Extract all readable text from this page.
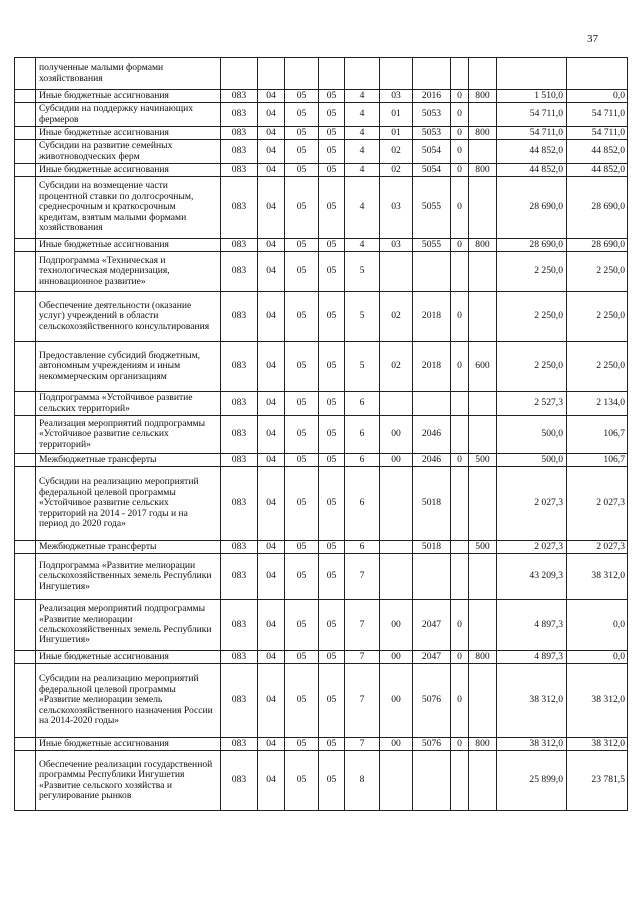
37
	полученные малыми формами хозяйствования											
	Иные бюджетные ассигнования	083	04	05	05	4	03	2016	0	800	1 510,0	0,0
	Субсидии на поддержку начинающих фермеров	083	04	05	05	4	01	5053	0		54 711,0	54 711,0
	Иные бюджетные ассигнования	083	04	05	05	4	01	5053	0	800	54 711,0	54 711,0
	Субсидии на развитие семейных животноводческих ферм	083	04	05	05	4	02	5054	0		44 852,0	44 852,0
	Иные бюджетные ассигнования	083	04	05	05	4	02	5054	0	800	44 852,0	44 852,0
	Субсидии на возмещение части процентной ставки по долгосрочным, среднесрочным и краткосрочным кредитам, взятым малыми формами хозяйствования	083	04	05	05	4	03	5055	0		28 690,0	28 690,0
	Иные бюджетные ассигнования	083	04	05	05	4	03	5055	0	800	28 690,0	28 690,0
	Подпрограмма «Техническая и технологическая модернизация, инновационное развитие»	083	04	05	05	5					2 250,0	2 250,0
	Обеспечение деятельности (оказание услуг) учреждений в области сельскохозяйственного консультирования	083	04	05	05	5	02	2018	0		2 250,0	2 250,0
	Предоставление субсидий бюджетным, автономным учреждениям и иным некоммерческим организациям	083	04	05	05	5	02	2018	0	600	2 250,0	2 250,0
	Подпрограмма «Устойчивое развитие сельских территорий»	083	04	05	05	6					2 527,3	2 134,0
	Реализация мероприятий подпрограммы «Устойчивое развитие сельских территорий»	083	04	05	05	6	00	2046			500,0	106,7
	Межбюджетные трансферты	083	04	05	05	6	00	2046	0	500	500,0	106,7
	Субсидии на реализацию мероприятий федеральной целевой программы «Устойчивое развитие сельских территорий на 2014 - 2017 годы и на период до 2020 года»	083	04	05	05	6		5018			2 027,3	2 027,3
	Межбюджетные трансферты	083	04	05	05	6		5018		500	2 027,3	2 027,3
	Подпрограмма «Развитие мелиорации сельскохозяйственных земель Республики Ингушетия»	083	04	05	05	7					43 209,3	38 312,0
	Реализация мероприятий подпрограммы «Развитие мелиорации сельскохозяйственных земель Республики Ингушетия»	083	04	05	05	7	00	2047	0		4 897,3	0,0
	Иные бюджетные ассигнования	083	04	05	05	7	00	2047	0	800	4 897,3	0,0
	Субсидии на реализацию мероприятий федеральной целевой программы «Развитие мелиорации земель сельскохозяйственного назначения России на 2014-2020 годы»	083	04	05	05	7	00	5076	0		38 312,0	38 312,0
	Иные бюджетные ассигнования	083	04	05	05	7	00	5076	0	800	38 312,0	38 312,0
	Обеспечение реализации государственной программы Республики Ингушетия «Развитие сельского хозяйства и регулирование рынков	083	04	05	05	8					25 899,0	23 781,5
